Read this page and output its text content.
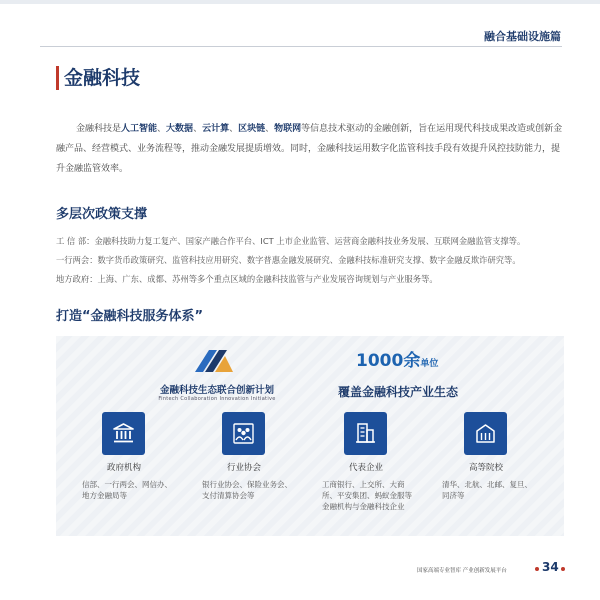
融合基础设施篇
金融科技

金融科技是人工智能、大数据、云计算、区块链、物联网等信息技术驱动的金融创新，旨在运用现代科技成果改造或创新金融产品、经营模式、业务流程等，推动金融发展提质增效。同时，金融科技运用数字化监管科技手段有效提升风控技防能力，提升金融监管效率。

多层次政策支撑
工 信 部：金融科技助力复工复产、国家产融合作平台、ICT 上市企业监管、运营商金融科技业务发展、互联网金融监管支撑等。
一行两会：数字货币政策研究、监管科技应用研究、数字普惠金融发展研究、金融科技标准研究支撑、数字金融反欺诈研究等。
地方政府：上海、广东、成都、苏州等多个重点区域的金融科技监管与产业发展咨询规划与产业服务等。
打造“金融科技服务体系”
金融科技生态联合创新计划
Fintech Collaboration Innovation Initiative
1000余单位
覆盖金融科技产业生态
政府机构
信部、一行两会、网信办、地方金融局等
行业协会
银行业协会、保险业务会、支付清算协会等
代表企业
工商银行、上交所、大商所、平安集团、蚂蚁金服等金融机构与金融科技企业
高等院校
清华、北航、北邮、复旦、同济等
国家高端专业智库 产业创新发展平台	34
